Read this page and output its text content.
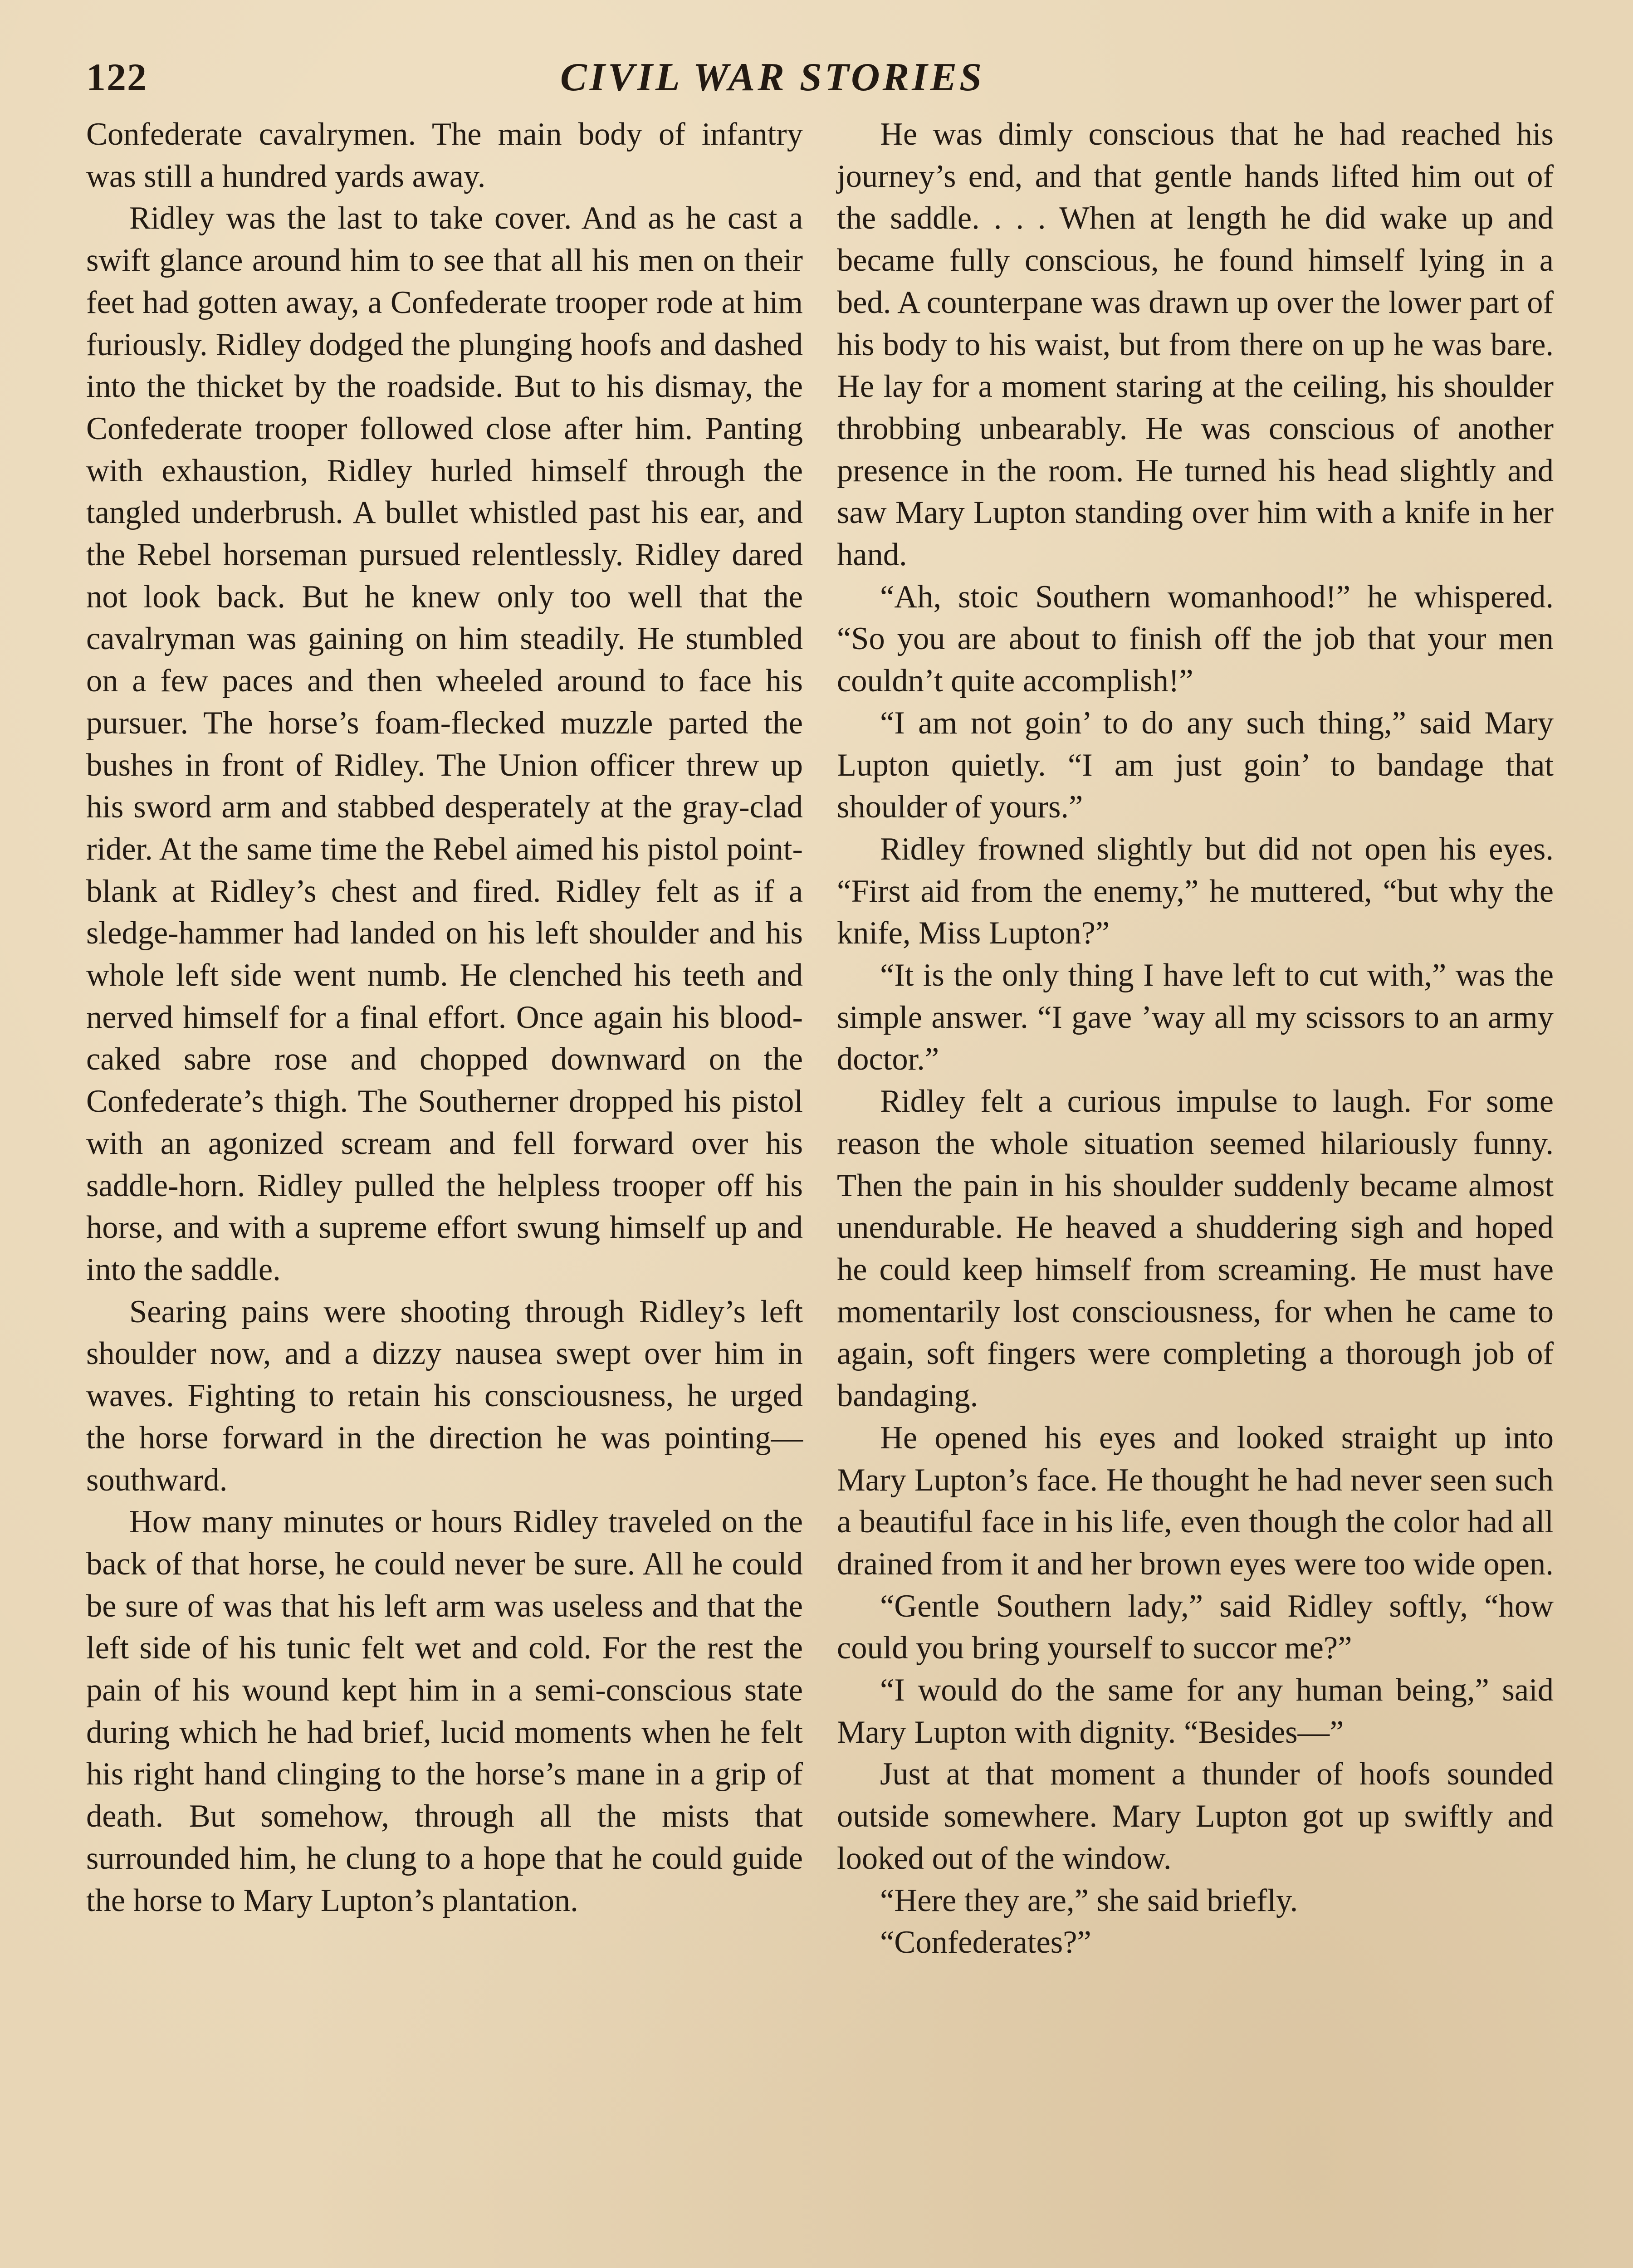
122	CIVIL WAR STORIES

Confederate cavalrymen. The main body of infantry was still a hundred yards away.

Ridley was the last to take cover. And as he cast a swift glance around him to see that all his men on their feet had gotten away, a Confederate trooper rode at him furiously. Ridley dodged the plunging hoofs and dashed into the thicket by the roadside. But to his dismay, the Confederate trooper followed close after him. Panting with exhaustion, Ridley hurled himself through the tangled underbrush. A bullet whistled past his ear, and the Rebel horseman pursued relentlessly. Ridley dared not look back. But he knew only too well that the cavalryman was gaining on him steadily. He stumbled on a few paces and then wheeled around to face his pursuer. The horse’s foam-flecked muzzle parted the bushes in front of Ridley. The Union officer threw up his sword arm and stabbed desperately at the gray-clad rider. At the same time the Rebel aimed his pistol point-blank at Ridley’s chest and fired. Ridley felt as if a sledge-hammer had landed on his left shoulder and his whole left side went numb. He clenched his teeth and nerved himself for a final effort. Once again his blood-caked sabre rose and chopped downward on the Confederate’s thigh. The Southerner dropped his pistol with an agonized scream and fell forward over his saddle-horn. Ridley pulled the helpless trooper off his horse, and with a supreme effort swung himself up and into the saddle.

Searing pains were shooting through Ridley’s left shoulder now, and a dizzy nausea swept over him in waves. Fighting to retain his consciousness, he urged the horse forward in the direction he was pointing—southward.

How many minutes or hours Ridley traveled on the back of that horse, he could never be sure. All he could be sure of was that his left arm was useless and that the left side of his tunic felt wet and cold. For the rest the pain of his wound kept him in a semi-conscious state during which he had brief, lucid moments when he felt his right hand clinging to the horse’s mane in a grip of death. But somehow, through all the mists that surrounded him, he clung to a hope that he could guide the horse to Mary Lupton’s plantation.

He was dimly conscious that he had reached his journey’s end, and that gentle hands lifted him out of the saddle. . . . When at length he did wake up and became fully conscious, he found himself lying in a bed. A counterpane was drawn up over the lower part of his body to his waist, but from there on up he was bare. He lay for a moment staring at the ceiling, his shoulder throbbing unbearably. He was conscious of another presence in the room. He turned his head slightly and saw Mary Lupton standing over him with a knife in her hand.

“Ah, stoic Southern womanhood!” he whispered. “So you are about to finish off the job that your men couldn’t quite accomplish!”

“I am not goin’ to do any such thing,” said Mary Lupton quietly. “I am just goin’ to bandage that shoulder of yours.”

Ridley frowned slightly but did not open his eyes. “First aid from the enemy,” he muttered, “but why the knife, Miss Lupton?”

“It is the only thing I have left to cut with,” was the simple answer. “I gave ’way all my scissors to an army doctor.”

Ridley felt a curious impulse to laugh. For some reason the whole situation seemed hilariously funny. Then the pain in his shoulder suddenly became almost unendurable. He heaved a shuddering sigh and hoped he could keep himself from screaming. He must have momentarily lost consciousness, for when he came to again, soft fingers were completing a thorough job of bandaging.

He opened his eyes and looked straight up into Mary Lupton’s face. He thought he had never seen such a beautiful face in his life, even though the color had all drained from it and her brown eyes were too wide open.

“Gentle Southern lady,” said Ridley softly, “how could you bring yourself to succor me?”

“I would do the same for any human being,” said Mary Lupton with dignity. “Besides—”

Just at that moment a thunder of hoofs sounded outside somewhere. Mary Lupton got up swiftly and looked out of the window.

“Here they are,” she said briefly.

“Confederates?”
